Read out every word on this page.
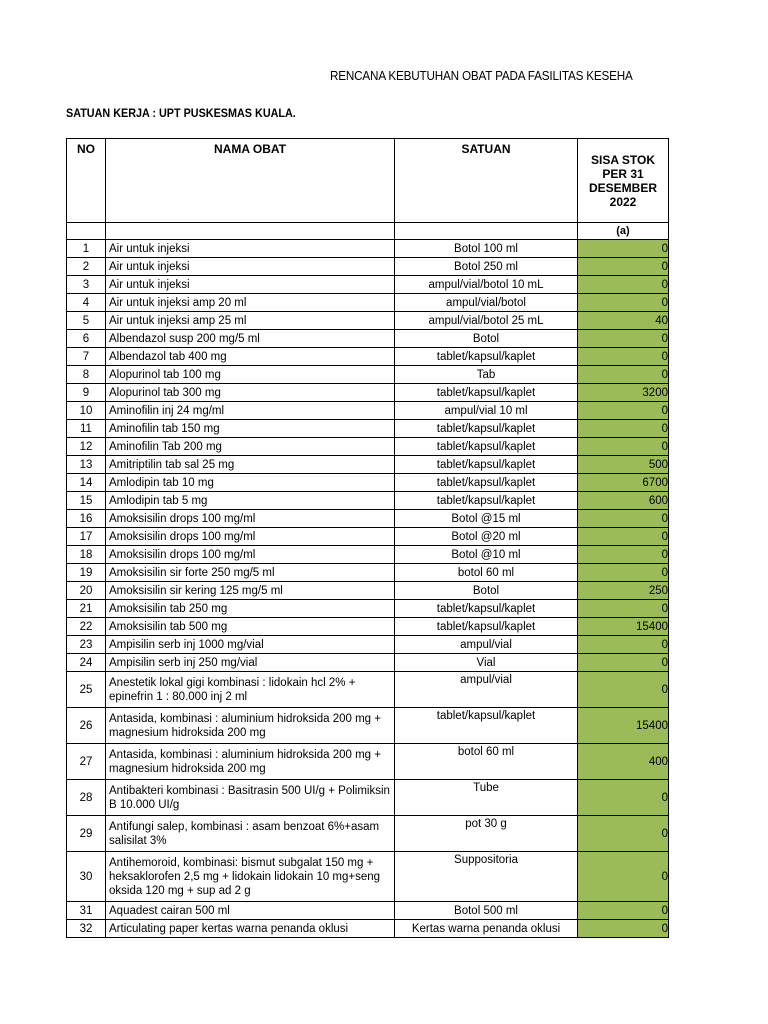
RENCANA KEBUTUHAN OBAT PADA FASILITAS KESEHA
SATUAN KERJA : UPT PUSKESMAS KUALA.
NO	NAMA OBAT	SATUAN	SISA STOK PER 31 DESEMBER 2022
			(a)
1	Air untuk injeksi	Botol 100 ml	0
2	Air untuk injeksi	Botol 250 ml	0
3	Air untuk injeksi	ampul/vial/botol 10 mL	0
4	Air untuk injeksi amp 20 ml	ampul/vial/botol	0
5	Air untuk injeksi amp 25 ml	ampul/vial/botol 25 mL	40
6	Albendazol susp 200 mg/5 ml	Botol	0
7	Albendazol tab 400 mg	tablet/kapsul/kaplet	0
8	Alopurinol tab 100 mg	Tab	0
9	Alopurinol tab 300 mg	tablet/kapsul/kaplet	3200
10	Aminofilin inj 24 mg/ml	ampul/vial 10 ml	0
11	Aminofilin tab 150 mg	tablet/kapsul/kaplet	0
12	Aminofilin Tab 200 mg	tablet/kapsul/kaplet	0
13	Amitriptilin tab sal 25 mg	tablet/kapsul/kaplet	500
14	Amlodipin tab 10 mg	tablet/kapsul/kaplet	6700
15	Amlodipin tab 5 mg	tablet/kapsul/kaplet	600
16	Amoksisilin drops 100 mg/ml	Botol @15 ml	0
17	Amoksisilin drops 100 mg/ml	Botol @20 ml	0
18	Amoksisilin drops 100 mg/ml	Botol @10 ml	0
19	Amoksisilin sir forte 250 mg/5 ml	botol 60 ml	0
20	Amoksisilin sir kering 125 mg/5 ml	Botol	250
21	Amoksisilin tab 250 mg	tablet/kapsul/kaplet	0
22	Amoksisilin tab 500 mg	tablet/kapsul/kaplet	15400
23	Ampisilin serb inj 1000 mg/vial	ampul/vial	0
24	Ampisilin serb inj 250 mg/vial	Vial	0
25	Anestetik lokal gigi kombinasi : lidokain hcl 2% + epinefrin 1 : 80.000 inj 2 ml	ampul/vial	0
26	Antasida, kombinasi : aluminium hidroksida 200 mg + magnesium hidroksida 200 mg	tablet/kapsul/kaplet	15400
27	Antasida, kombinasi : aluminium hidroksida 200 mg + magnesium hidroksida 200 mg	botol 60 ml	400
28	Antibakteri kombinasi : Basitrasin 500 UI/g + Polimiksin B 10.000 UI/g	Tube	0
29	Antifungi salep, kombinasi : asam benzoat 6%+asam salisilat 3%	pot 30 g	0
30	Antihemoroid, kombinasi: bismut subgalat 150 mg + heksaklorofen 2,5 mg + lidokain lidokain 10 mg+seng oksida 120 mg + sup ad 2 g	Suppositoria	0
31	Aquadest cairan 500 ml	Botol 500 ml	0
32	Articulating paper kertas warna penanda oklusi	Kertas warna penanda oklusi	0
